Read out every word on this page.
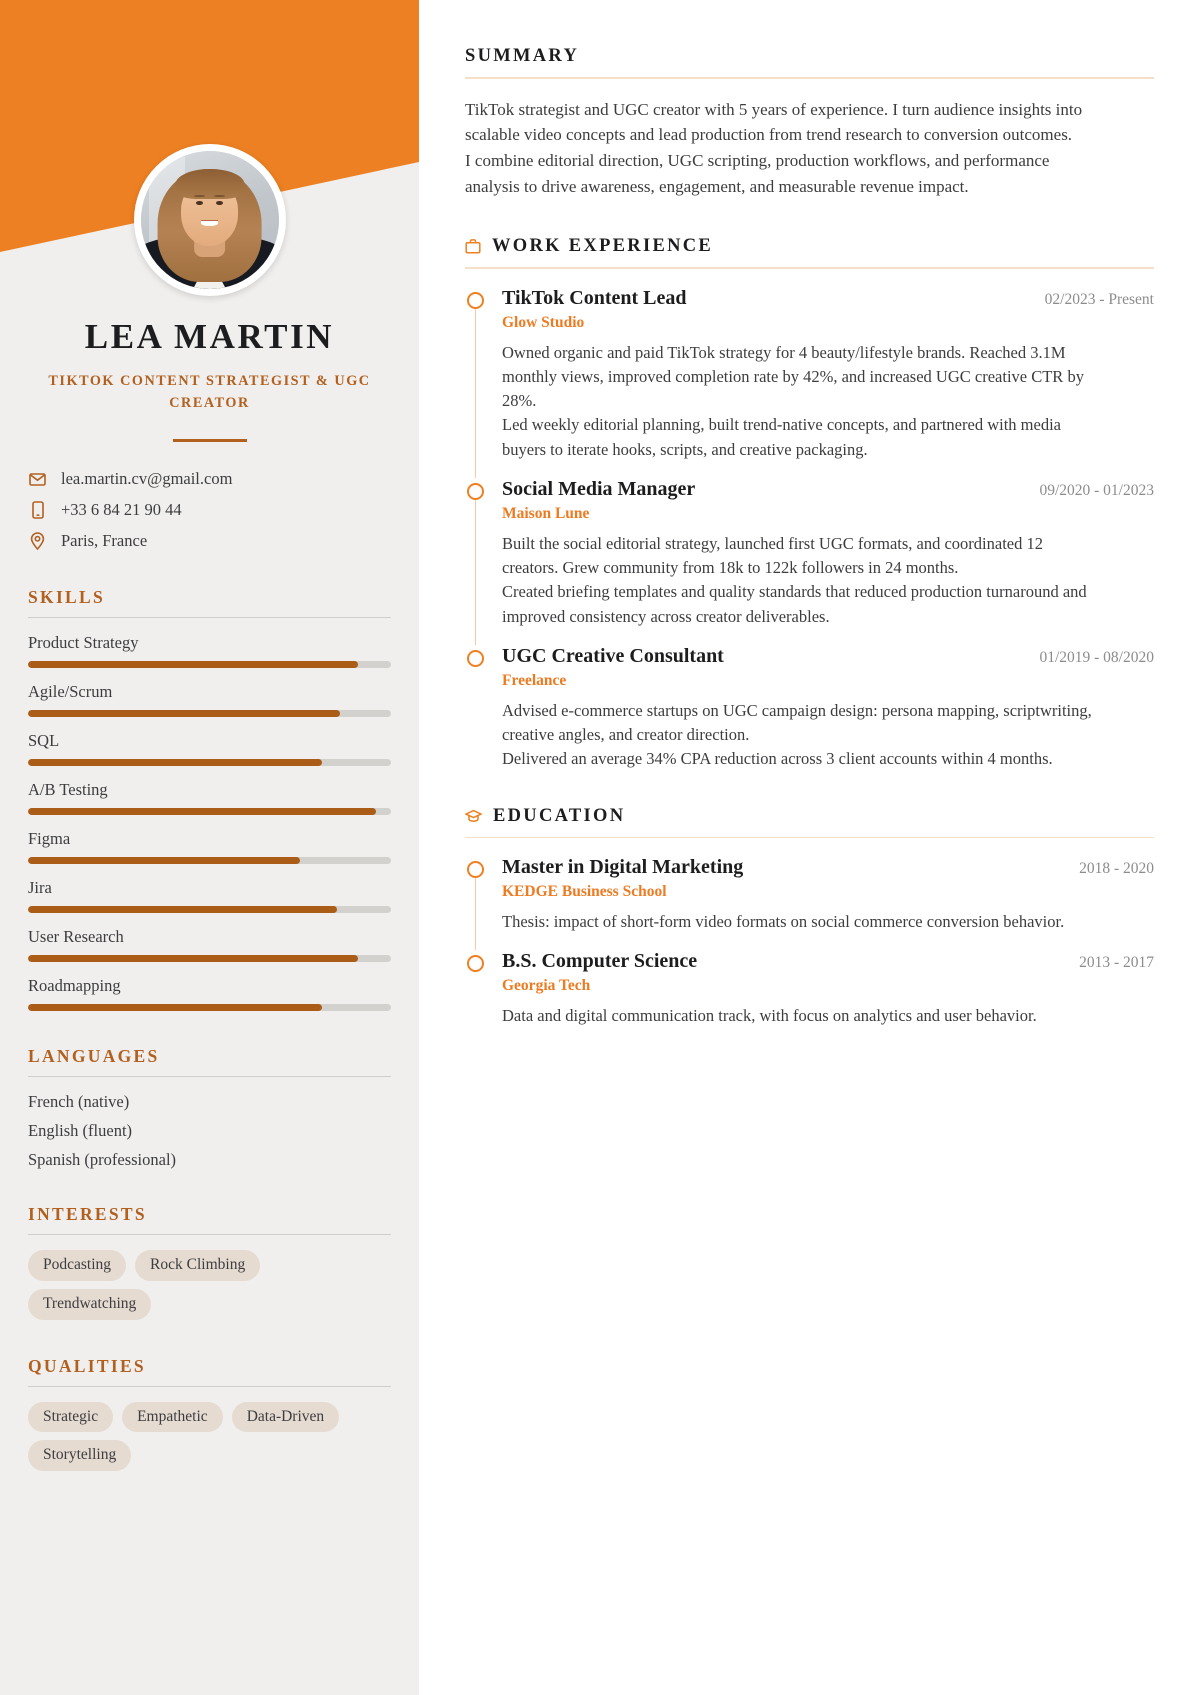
LEA MARTIN
TIKTOK CONTENT STRATEGIST & UGC CREATOR
lea.martin.cv@gmail.com
+33 6 84 21 90 44
Paris, France
SKILLS
Product Strategy
Agile/Scrum
SQL
A/B Testing
Figma
Jira
User Research
Roadmapping
LANGUAGES
French (native)
English (fluent)
Spanish (professional)
INTERESTS
Podcasting	Rock Climbing
Trendwatching
QUALITIES
Strategic	Empathetic	Data-Driven
Storytelling
SUMMARY
TikTok strategist and UGC creator with 5 years of experience. I turn audience insights into scalable video concepts and lead production from trend research to conversion outcomes.
I combine editorial direction, UGC scripting, production workflows, and performance analysis to drive awareness, engagement, and measurable revenue impact.
WORK EXPERIENCE
TikTok Content Lead	02/2023 - Present
Glow Studio

Owned organic and paid TikTok strategy for 4 beauty/lifestyle brands. Reached 3.1M monthly views, improved completion rate by 42%, and increased UGC creative CTR by 28%.

Led weekly editorial planning, built trend-native concepts, and partnered with media buyers to iterate hooks, scripts, and creative packaging.

Social Media Manager	09/2020 - 01/2023
Maison Lune

Built the social editorial strategy, launched first UGC formats, and coordinated 12 creators. Grew community from 18k to 122k followers in 24 months.

Created briefing templates and quality standards that reduced production turnaround and improved consistency across creator deliverables.

UGC Creative Consultant	01/2019 - 08/2020
Freelance

Advised e-commerce startups on UGC campaign design: persona mapping, scriptwriting, creative angles, and creator direction.

Delivered an average 34% CPA reduction across 3 client accounts within 4 months.

EDUCATION
Master in Digital Marketing	2018 - 2020
KEDGE Business School

Thesis: impact of short-form video formats on social commerce conversion behavior.

B.S. Computer Science	2013 - 2017
Georgia Tech

Data and digital communication track, with focus on analytics and user behavior.
